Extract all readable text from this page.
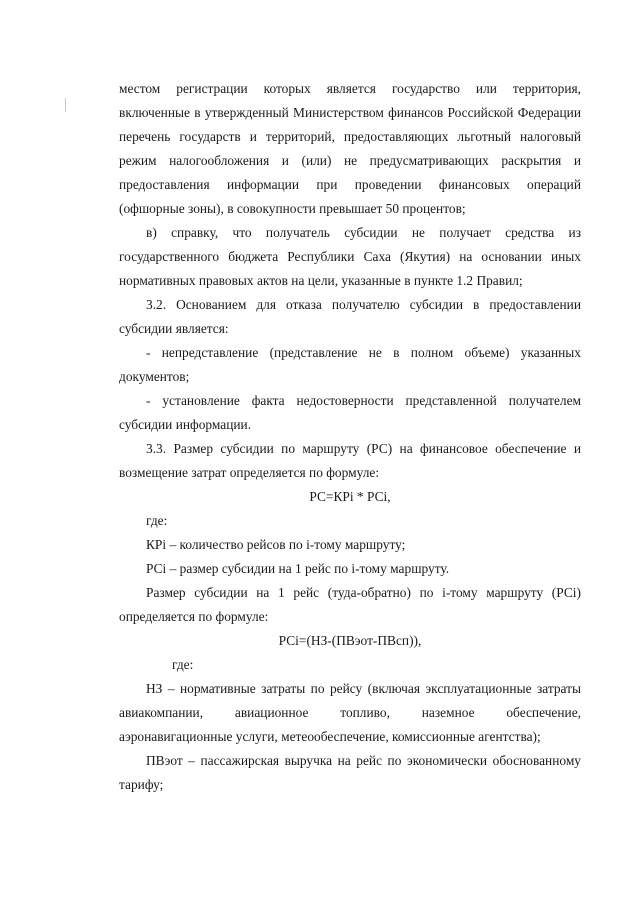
местом регистрации которых является государство или территория,
включенные в утвержденный Министерством финансов Российской Федерации
перечень государств и территорий, предоставляющих льготный налоговый
режим налогообложения и (или) не предусматривающих раскрытия и
предоставления информации при проведении финансовых операций
(офшорные зоны), в совокупности превышает 50 процентов;
в) справку, что получатель субсидии не получает средства из
государственного бюджета Республики Саха (Якутия) на основании иных
нормативных правовых актов на цели, указанные в пункте 1.2 Правил;
3.2. Основанием для отказа получателю субсидии в предоставлении
субсидии является:
- непредставление (представление не в полном объеме) указанных
документов;
- установление факта недостоверности представленной получателем
субсидии информации.
3.3. Размер субсидии по маршруту (РС) на финансовое обеспечение и
возмещение затрат определяется по формуле:
РС=КРi * РСi,
где:
КРi – количество рейсов по i-тому маршруту;
РСi – размер субсидии на 1 рейс по i-тому маршруту.
Размер субсидии на 1 рейс (туда-обратно) по i-тому маршруту (РСi)
определяется по формуле:
РСi=(НЗ-(ПВэот-ПВсп)),
где:
НЗ – нормативные затраты по рейсу (включая эксплуатационные затраты
авиакомпании, авиационное топливо, наземное обеспечение,
аэронавигационные услуги, метеообеспечение, комиссионные агентства);
ПВэот – пассажирская выручка на рейс по экономически обоснованному
тарифу;
